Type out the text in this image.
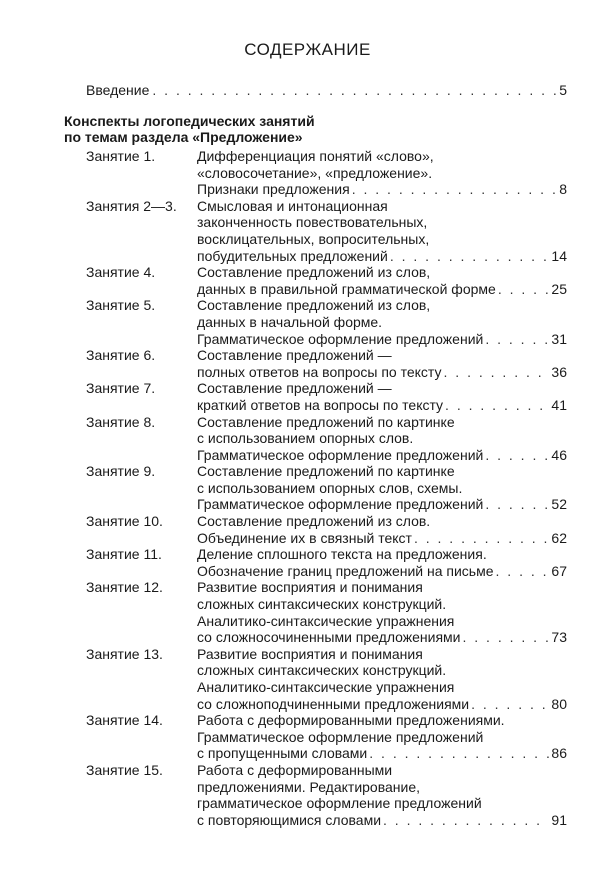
СОДЕРЖАНИЕ
Введение . . .	5
Конспекты логопедических занятий
по темам раздела «Предложение»
Занятие 1.	Дифференциация понятий «слово»,
«словосочетание», «предложение».
Признаки предложения . . .	8
Занятия 2—3.	Смысловая и интонационная
законченность повествовательных,
восклицательных, вопросительных,
побудительных предложений . . .	14
Занятие 4.	Составление предложений из слов,
данных в правильной грамматической форме . . .	25
Занятие 5.	Составление предложений из слов,
данных в начальной форме.
Грамматическое оформление предложений . . .	31
Занятие 6.	Составление предложений —
полных ответов на вопросы по тексту . . .	36
Занятие 7.	Составление предложений —
краткий ответов на вопросы по тексту . . .	41
Занятие 8.	Составление предложений по картинке
с использованием опорных слов.
Грамматическое оформление предложений . . .	46
Занятие 9.	Составление предложений по картинке
с использованием опорных слов, схемы.
Грамматическое оформление предложений . . .	52
Занятие 10.	Составление предложений из слов.
Объединение их в связный текст . . .	62
Занятие 11.	Деление сплошного текста на предложения.
Обозначение границ предложений на письме . . .	67
Занятие 12.	Развитие восприятия и понимания
сложных синтаксических конструкций.
Аналитико-синтаксические упражнения
со сложносочиненными предложениями . . .	73
Занятие 13.	Развитие восприятия и понимания
сложных синтаксических конструкций.
Аналитико-синтаксические упражнения
со сложноподчиненными предложениями . . .	80
Занятие 14.	Работа с деформированными предложениями.
Грамматическое оформление предложений
с пропущенными словами . . .	86
Занятие 15.	Работа с деформированными
предложениями. Редактирование,
грамматическое оформление предложений
с повторяющимися словами . . .	91
